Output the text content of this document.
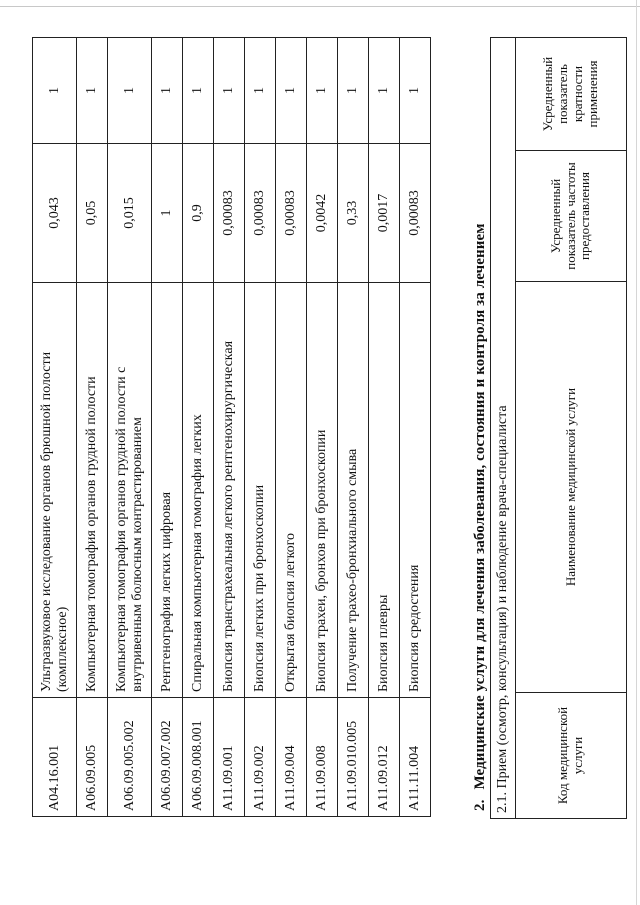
A04.16.001	Ультразвуковое исследование органов брюшной полости (комплексное)	0,043	1
A06.09.005	Компьютерная томография органов грудной полости	0,05	1
A06.09.005.002	Компьютерная томография органов грудной полости с внутривенным болюсным контрастированием	0,015	1
A06.09.007.002	Рентгенография легких цифровая	1	1
A06.09.008.001	Спиральная компьютерная томография легких	0,9	1
A11.09.001	Биопсия транстрахеальная легкого рентгенохирургическая	0,00083	1
A11.09.002	Биопсия легких при бронхоскопии	0,00083	1
A11.09.004	Открытая биопсия легкого	0,00083	1
A11.09.008	Биопсия трахеи, бронхов при бронхоскопии	0,0042	1
A11.09.010.005	Получение трахео-бронхиального смыва	0,33	1
A11.09.012	Биопсия плевры	0,0017	1
A11.11.004	Биопсия средостения	0,00083	1
2.Медицинские услуги для лечения заболевания, состояния и контроля за лечением 2.1. Прием (осмотр, консультация) и наблюдение врача-специалиста
Код медицинской услуги	Наименование медицинской услуги	Усредненный показатель частоты предоставления	Усредненный показатель кратности применения
